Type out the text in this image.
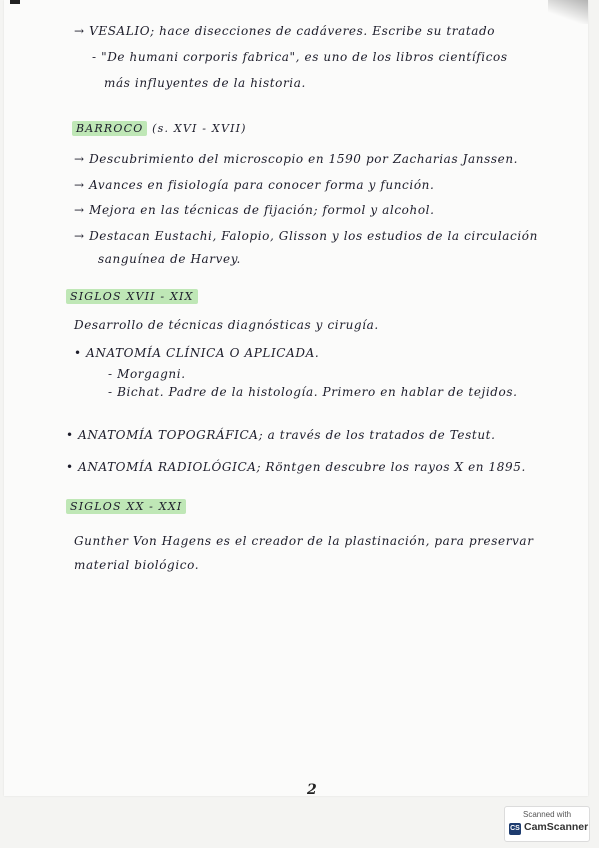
→ VESALIO; hace disecciones de cadáveres. Escribe su tratado
- "De humani corporis fabrica", es uno de los libros científicos
más influyentes de la historia.
BARROCO (s. XVI - XVII)
→ Descubrimiento del microscopio en 1590 por Zacharias Janssen.
→ Avances en fisiología para conocer forma y función.
→ Mejora en las técnicas de fijación; formol y alcohol.
→ Destacan Eustachi, Falopio, Glisson y los estudios de la circulación
sanguínea de Harvey.
SIGLOS XVII - XIX
Desarrollo de técnicas diagnósticas y cirugía.
• ANATOMÍA CLÍNICA O APLICADA.
- Morgagni.
- Bichat. Padre de la histología. Primero en hablar de tejidos.
• ANATOMÍA TOPOGRÁFICA; a través de los tratados de Testut.
• ANATOMÍA RADIOLÓGICA; Röntgen descubre los rayos X en 1895.
SIGLOS XX - XXI
Gunther Von Hagens es el creador de la plastinación, para preservar
material biológico.
2
Scanned with
CS CamScanner
